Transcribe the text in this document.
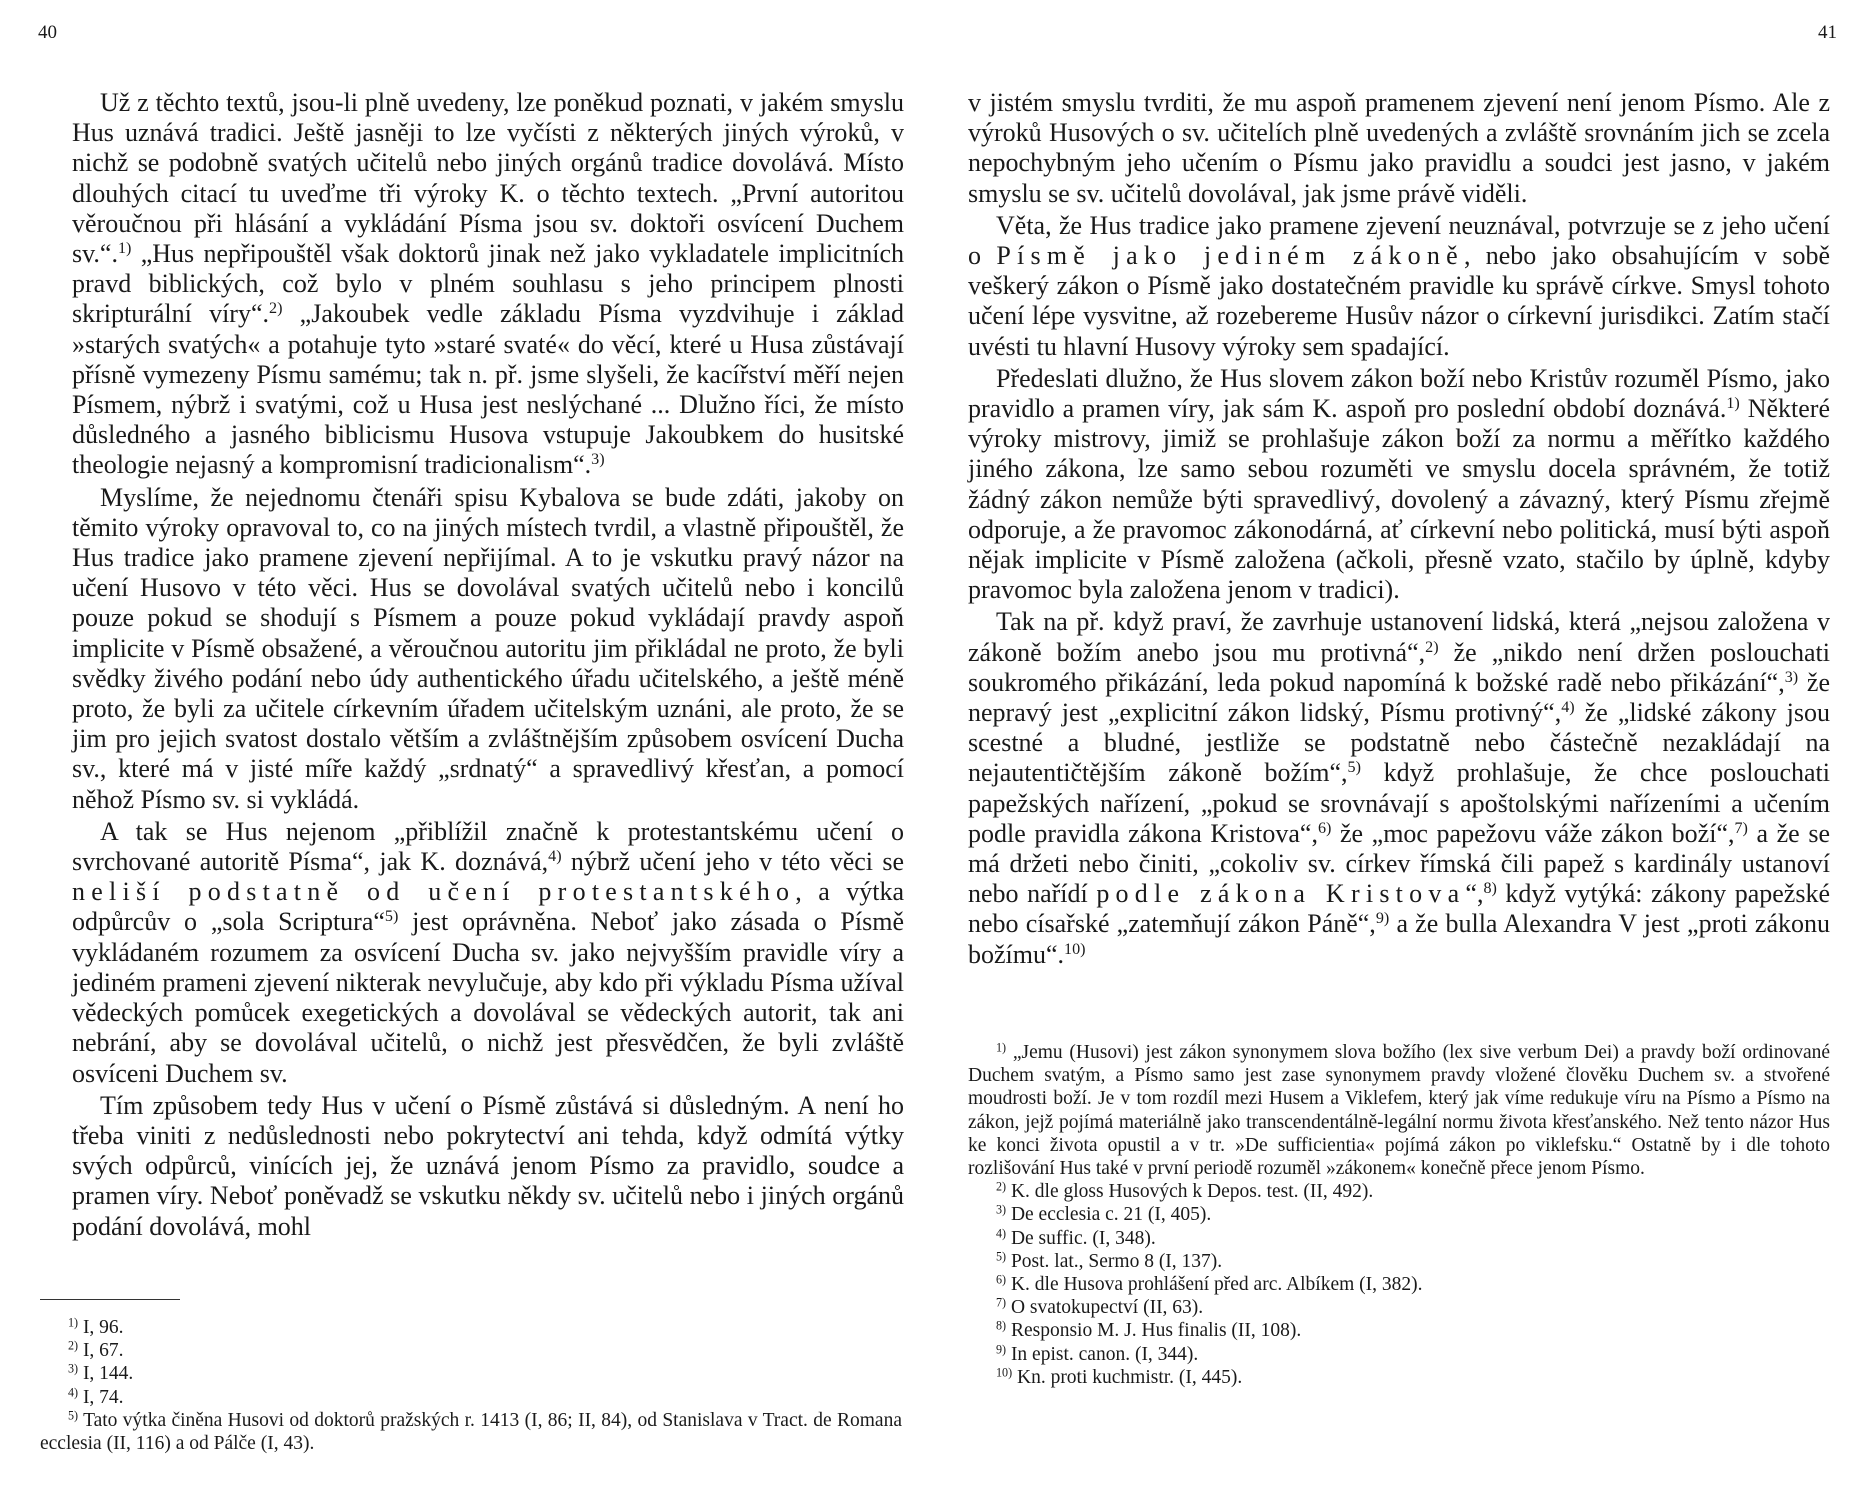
40	41

Už z těchto textů, jsou-li plně uvedeny, lze poněkud poznati, v jakém smyslu Hus uznává tradici. Ještě jasněji to lze vyčísti z některých jiných výroků, v nichž se podobně svatých učitelů nebo jiných orgánů tradice dovolává. Místo dlouhých citací tu uveďme tři výroky K. o těchto textech. „První autoritou věroučnou při hlásání a vykládání Písma jsou sv. doktoři osvícení Duchem sv.“.$^{1)}$ „Hus nepřipouštěl však doktorů jinak než jako vykladatele implicitních pravd biblických, což bylo v plném souhlasu s jeho principem plnosti skripturální víry“.$^{2)}$ „Jakoubek vedle základu Písma vyzdvihuje i základ »starých svatých« a potahuje tyto »staré svaté« do věcí, které u Husa zůstávají přísně vymezeny Písmu samému; tak n. př. jsme slyšeli, že kacířství měří nejen Písmem, nýbrž i svatými, což u Husa jest neslýchané ... Dlužno říci, že místo důsledného a jasného biblicismu Husova vstupuje Jakoubkem do husitské theologie nejasný a kompromisní tradicionalism“.$^{3)}$

Myslíme, že nejednomu čtenáři spisu Kybalova se bude zdáti, jakoby on těmito výroky opravoval to, co na jiných místech tvrdil, a vlastně připouštěl, že Hus tradice jako pramene zjevení nepřijímal. A to je vskutku pravý názor na učení Husovo v této věci. Hus se dovolával svatých učitelů nebo i koncilů pouze pokud se shodují s Písmem a pouze pokud vykládají pravdy aspoň implicite v Písmě obsažené, a věroučnou autoritu jim přikládal ne proto, že byli svědky živého podání nebo údy authentického úřadu učitelského, a ještě méně proto, že byli za učitele církevním úřadem učitelským uznáni, ale proto, že se jim pro jejich svatost dostalo větším a zvláštnějším způsobem osvícení Ducha sv., které má v jisté míře každý „srdnatý“ a spravedlivý křesťan, a pomocí něhož Písmo sv. si vykládá.

A tak se Hus nejenom „přiblížil značně k protestantskému učení o svrchované autoritě Písma“, jak K. doznává,$^{4)}$ nýbrž učení jeho v této věci se neliší podstatně od učení protestantského, a výtka odpůrcův o „sola Scriptura“$^{5)}$ jest oprávněna. Neboť jako zásada o Písmě vykládaném rozumem za osvícení Ducha sv. jako nejvyšším pravidle víry a jediném prameni zjevení nikterak nevylučuje, aby kdo při výkladu Písma užíval vědeckých pomůcek exegetických a dovolával se vědeckých autorit, tak ani nebrání, aby se dovolával učitelů, o nichž jest přesvědčen, že byli zvláště osvíceni Duchem sv.

Tím způsobem tedy Hus v učení o Písmě zůstává si důsledným. A není ho třeba viniti z nedůslednosti nebo pokrytectví ani tehda, když odmítá výtky svých odpůrců, vinících jej, že uznává jenom Písmo za pravidlo, soudce a pramen víry. Neboť poněvadž se vskutku někdy sv. učitelů nebo i jiných orgánů podání dovolává, mohl

v jistém smyslu tvrditi, že mu aspoň pramenem zjevení není jenom Písmo. Ale z výroků Husových o sv. učitelích plně uvedených a zvláště srovnáním jich se zcela nepochybným jeho učením o Písmu jako pravidlu a soudci jest jasno, v jakém smyslu se sv. učitelů dovolával, jak jsme právě viděli.

Věta, že Hus tradice jako pramene zjevení neuznával, potvrzuje se z jeho učení o Písmě jako jediném zákoně, nebo jako obsahujícím v sobě veškerý zákon o Písmě jako dostatečném pravidle ku správě církve. Smysl tohoto učení lépe vysvitne, až rozebereme Husův názor o církevní jurisdikci. Zatím stačí uvésti tu hlavní Husovy výroky sem spadající.

Předeslati dlužno, že Hus slovem zákon boží nebo Kristův rozuměl Písmo, jako pravidlo a pramen víry, jak sám K. aspoň pro poslední období doznává.$^{1)}$ Některé výroky mistrovy, jimiž se prohlašuje zákon boží za normu a měřítko každého jiného zákona, lze samo sebou rozuměti ve smyslu docela správném, že totiž žádný zákon nemůže býti spravedlivý, dovolený a závazný, který Písmu zřejmě odporuje, a že pravomoc zákonodárná, ať církevní nebo politická, musí býti aspoň nějak implicite v Písmě založena (ačkoli, přesně vzato, stačilo by úplně, kdyby pravomoc byla založena jenom v tradici).

Tak na př. když praví, že zavrhuje ustanovení lidská, která „nejsou založena v zákoně božím anebo jsou mu protivná“,$^{2)}$ že „nikdo není držen poslouchati soukromého přikázání, leda pokud napomíná k božské radě nebo přikázání“,$^{3)}$ že nepravý jest „explicitní zákon lidský, Písmu protivný“,$^{4)}$ že „lidské zákony jsou scestné a bludné, jestliže se podstatně nebo částečně nezakládají na nejautentičtějším zákoně božím“,$^{5)}$ když prohlašuje, že chce poslouchati papežských nařízení, „pokud se srovnávají s apoštolskými nařízeními a učením podle pravidla zákona Kristova“,$^{6)}$ že „moc papežovu váže zákon boží“,$^{7)}$ a že se má držeti nebo činiti, „cokoliv sv. církev římská čili papež s kardinály ustanoví nebo nařídí podle zákona Kristova“,$^{8)}$ když vytýká: zákony papežské nebo císařské „zatemňují zákon Páně“,$^{9)}$ a že bulla Alexandra V jest „proti zákonu božímu“.$^{10)}$

$^{1)}$ I, 96.

$^{2)}$ I, 67.

$^{3)}$ I, 144.

$^{4)}$ I, 74.

$^{5)}$ Tato výtka činěna Husovi od doktorů pražských r. 1413 (I, 86; II, 84), od Stanislava v Tract. de Romana ecclesia (II, 116) a od Pálče (I, 43).

$^{1)}$ „Jemu (Husovi) jest zákon synonymem slova božího (lex sive verbum Dei) a pravdy boží ordinované Duchem svatým, a Písmo samo jest zase synonymem pravdy vložené člověku Duchem sv. a stvořené moudrosti boží. Je v tom rozdíl mezi Husem a Viklefem, který jak víme redukuje víru na Písmo a Písmo na zákon, jejž pojímá materiálně jako transcendentálně-legální normu života křesťanského. Než tento názor Hus ke konci života opustil a v tr. »De sufficientia« pojímá zákon po viklefsku.“ Ostatně by i dle tohoto rozlišování Hus také v první periodě rozuměl »zákonem« konečně přece jenom Písmo.

$^{2)}$ K. dle gloss Husových k Depos. test. (II, 492).

$^{3)}$ De ecclesia c. 21 (I, 405).

$^{4)}$ De suffic. (I, 348).

$^{5)}$ Post. lat., Sermo 8 (I, 137).

$^{6)}$ K. dle Husova prohlášení před arc. Albíkem (I, 382).

$^{7)}$ O svatokupectví (II, 63).

$^{8)}$ Responsio M. J. Hus finalis (II, 108).

$^{9)}$ In epist. canon. (I, 344).

$^{10)}$ Kn. proti kuchmistr. (I, 445).
